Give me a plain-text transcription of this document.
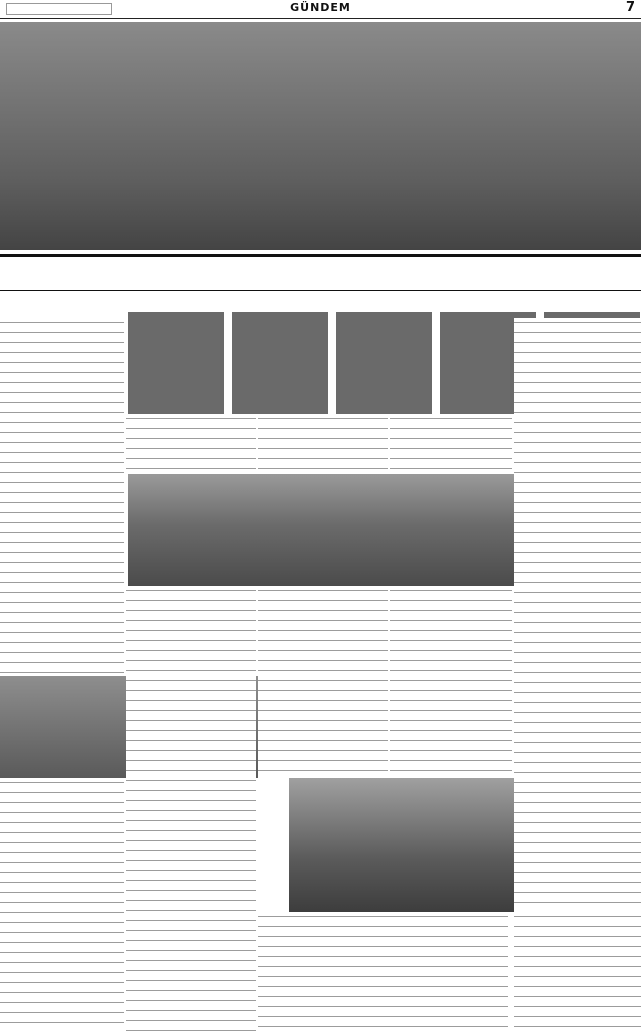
GÜNDEM	7
